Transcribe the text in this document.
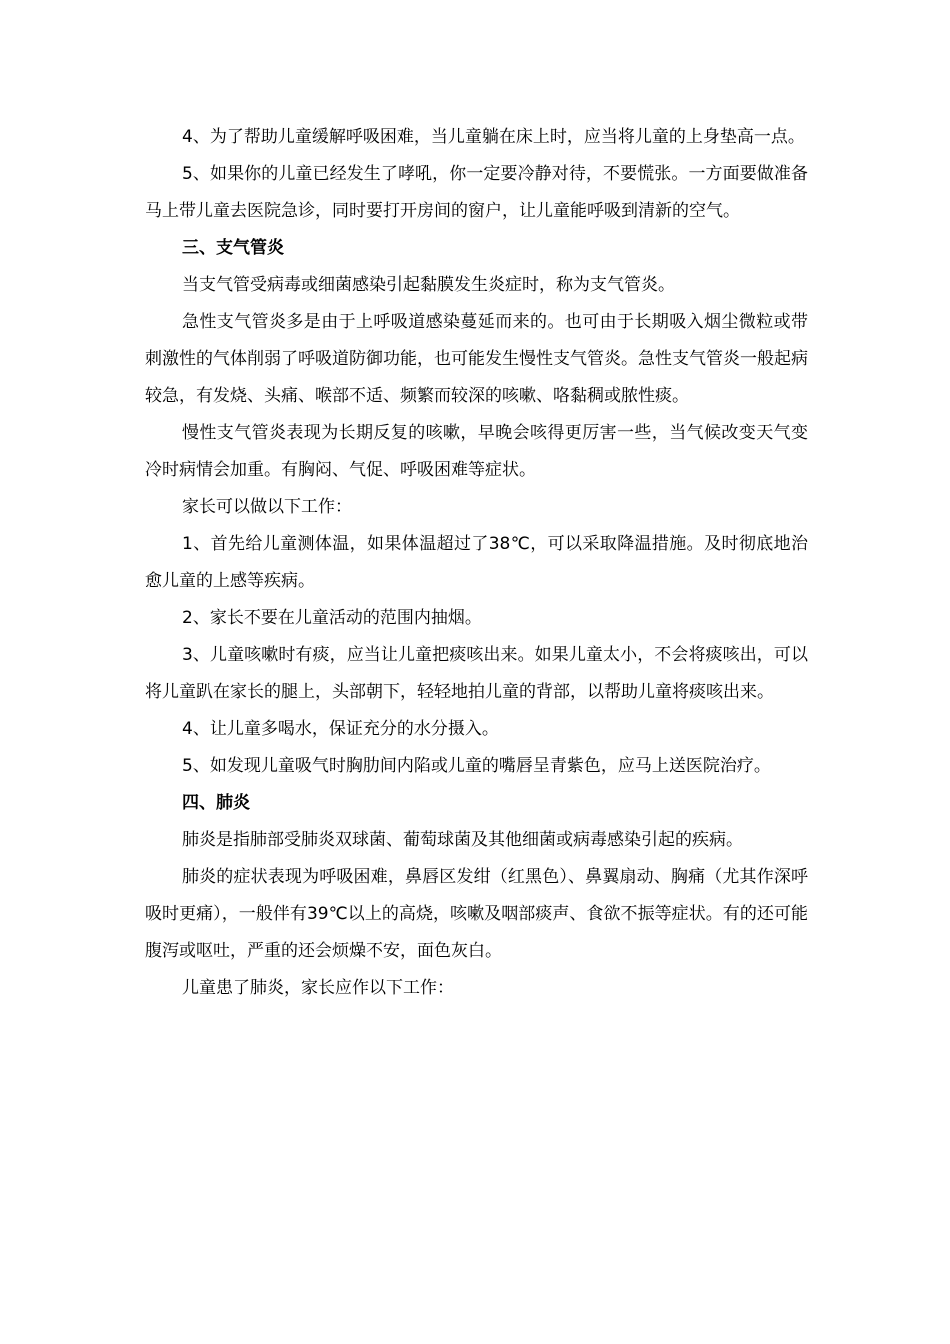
4、为了帮助儿童缓解呼吸困难，当儿童躺在床上时，应当将儿童的上身垫高一点。

5、如果你的儿童已经发生了哮吼，你一定要冷静对待，不要慌张。一方面要做准备马上带儿童去医院急诊，同时要打开房间的窗户，让儿童能呼吸到清新的空气。

三、支气管炎

当支气管受病毒或细菌感染引起黏膜发生炎症时，称为支气管炎。

急性支气管炎多是由于上呼吸道感染蔓延而来的。也可由于长期吸入烟尘微粒或带刺激性的气体削弱了呼吸道防御功能，也可能发生慢性支气管炎。急性支气管炎一般起病较急，有发烧、头痛、喉部不适、频繁而较深的咳嗽、咯黏稠或脓性痰。

慢性支气管炎表现为长期反复的咳嗽，早晚会咳得更厉害一些，当气候改变天气变冷时病情会加重。有胸闷、气促、呼吸困难等症状。

家长可以做以下工作：

1、首先给儿童测体温，如果体温超过了38℃，可以采取降温措施。及时彻底地治愈儿童的上感等疾病。

2、家长不要在儿童活动的范围内抽烟。

3、儿童咳嗽时有痰，应当让儿童把痰咳出来。如果儿童太小，不会将痰咳出，可以将儿童趴在家长的腿上，头部朝下，轻轻地拍儿童的背部，以帮助儿童将痰咳出来。

4、让儿童多喝水，保证充分的水分摄入。

5、如发现儿童吸气时胸肋间内陷或儿童的嘴唇呈青紫色，应马上送医院治疗。

四、肺炎

肺炎是指肺部受肺炎双球菌、葡萄球菌及其他细菌或病毒感染引起的疾病。

肺炎的症状表现为呼吸困难，鼻唇区发绀（红黑色）、鼻翼扇动、胸痛（尤其作深呼吸时更痛），一般伴有39℃以上的高烧，咳嗽及咽部痰声、食欲不振等症状。有的还可能腹泻或呕吐，严重的还会烦燥不安，面色灰白。

儿童患了肺炎，家长应作以下工作：
